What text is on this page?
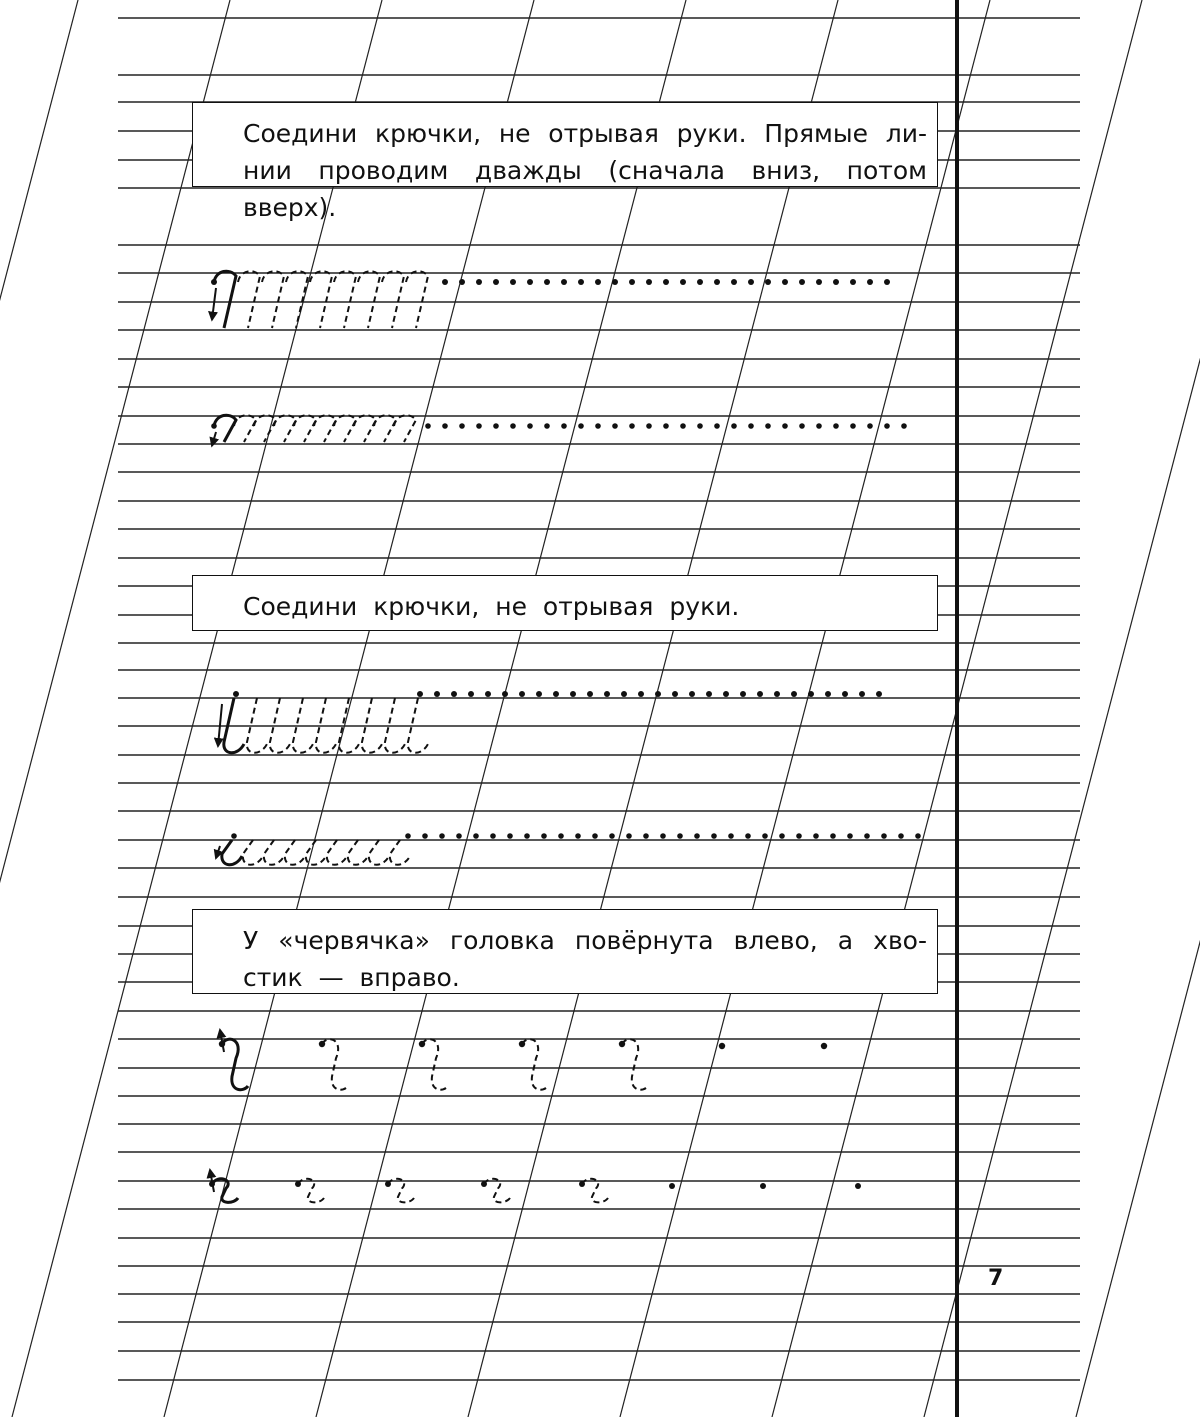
Соедини крючки, не отрывая руки. Прямые ли-
нии проводим дважды (сначала вниз, потом вверх).
Соедини крючки, не отрывая руки.
У «червячка» головка повёрнута влево, а хво-
стик — вправо.
7
